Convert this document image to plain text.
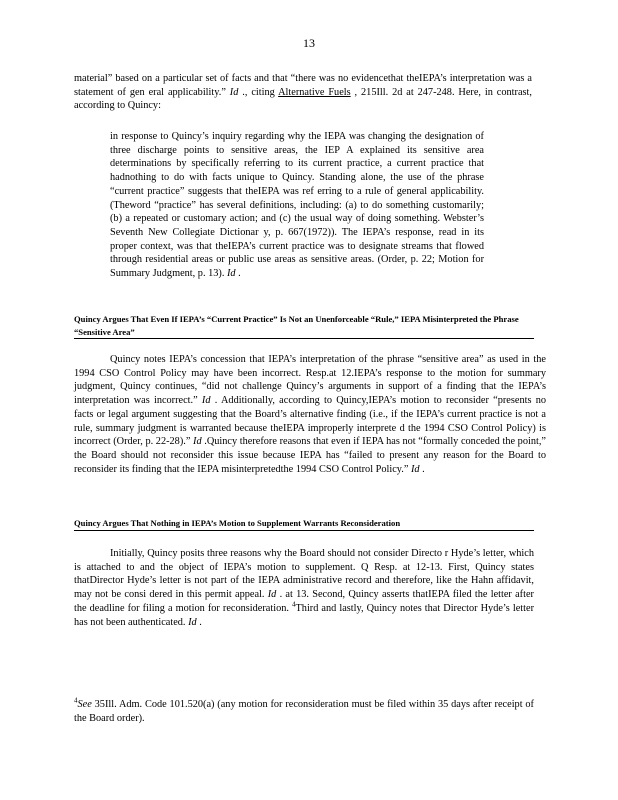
13
material” based on a particular set of facts and that “there was no evidencethat theIEPA’s interpretation was a statement of gen eral applicability.” Id ., citing Alternative Fuels , 215Ill. 2d at 247-248. Here, in contrast, according to Quincy:
in response to Quincy’s inquiry regarding why the IEPA was changing the designation of three discharge points to sensitive areas, the IEP A explained its sensitive area determinations by specifically referring to its current practice, a current practice that hadnothing to do with facts unique to Quincy. Standing alone, the use of the phrase “current practice” suggests that theIEPA was ref erring to a rule of general applicability. (Theword “practice” has several definitions, including: (a) to do something customarily; (b) a repeated or customary action; and (c) the usual way of doing something. Webster’s Seventh New Collegiate Dictionar y, p. 667(1972)). The IEPA’s response, read in its proper context, was that theIEPA’s current practice was to designate streams that flowed through residential areas or public use areas as sensitive areas. (Order, p. 22; Motion for Summary Judgment, p. 13). Id .
Quincy Argues That Even If IEPA’s “Current Practice” Is Not an Unenforceable “Rule,” IEPA Misinterpreted the Phrase “Sensitive Area”
Quincy notes IEPA’s concession that IEPA’s interpretation of the phrase “sensitive area” as used in the 1994 CSO Control Policy may have been incorrect. Resp.at 12.IEPA’s response to the motion for summary judgment, Quincy continues, “did not challenge Quincy’s arguments in support of a finding that the IEPA’s interpretation was incorrect.” Id . Additionally, according to Quincy,IEPA’s motion to reconsider “presents no facts or legal argument suggesting that the Board’s alternative finding (i.e., if the IEPA’s current practice is not a rule, summary judgment is warranted because theIEPA improperly interprete d the 1994 CSO Control Policy) is incorrect (Order, p. 22-28).” Id .Quincy therefore reasons that even if IEPA has not “formally conceded the point,” the Board should not reconsider this issue because IEPA has “failed to present any reason for the Board to reconsider its finding that the IEPA misinterpretedthe 1994 CSO Control Policy.” Id .
Quincy Argues That Nothing in IEPA’s Motion to Supplement Warrants Reconsideration
Initially, Quincy posits three reasons why the Board should not consider Directo r Hyde’s letter, which is attached to and the object of IEPA’s motion to supplement. Q Resp. at 12-13. First, Quincy states thatDirector Hyde’s letter is not part of the IEPA administrative record and therefore, like the Hahn affidavit, may not be consi dered in this permit appeal. Id . at 13. Second, Quincy asserts thatIEPA filed the letter after the deadline for filing a motion for reconsideration. $^4$Third and lastly, Quincy notes that Director Hyde’s letter has not been authenticated. Id .
$^4$See 35Ill. Adm. Code 101.520(a) (any motion for reconsideration must be filed within 35 days after receipt of the Board order).
